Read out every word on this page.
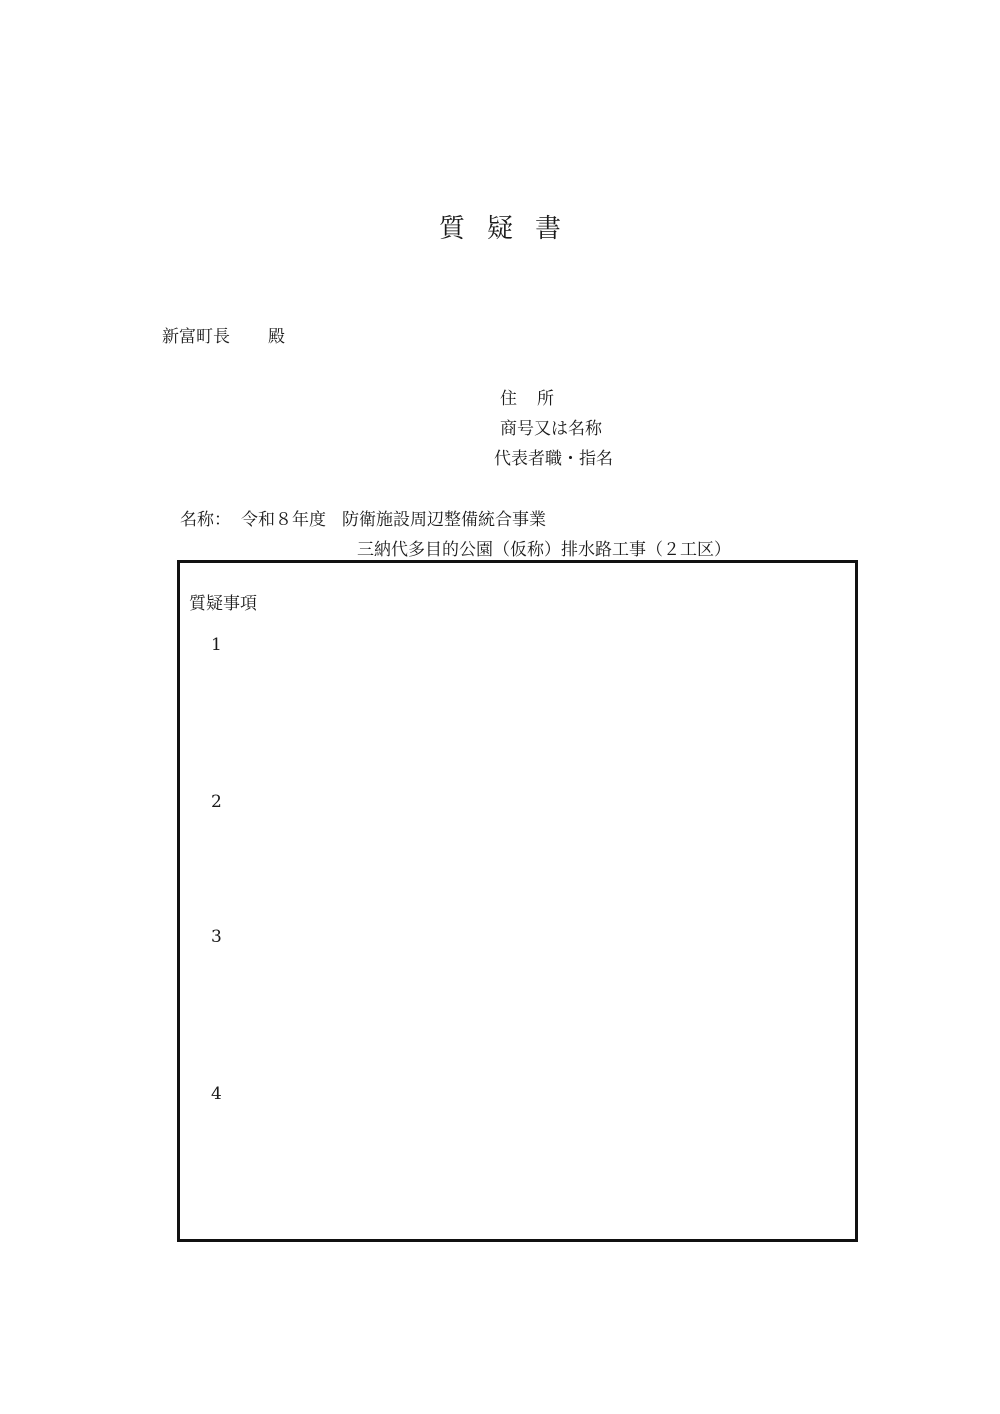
質 疑 書
新富町長 殿
住 所
商号又は名称
代表者職・指名
名称： 令和８年度 防衛施設周辺整備統合事業
三納代多目的公園（仮称）排水路工事（２工区）
質疑事項
1
2
3
4
